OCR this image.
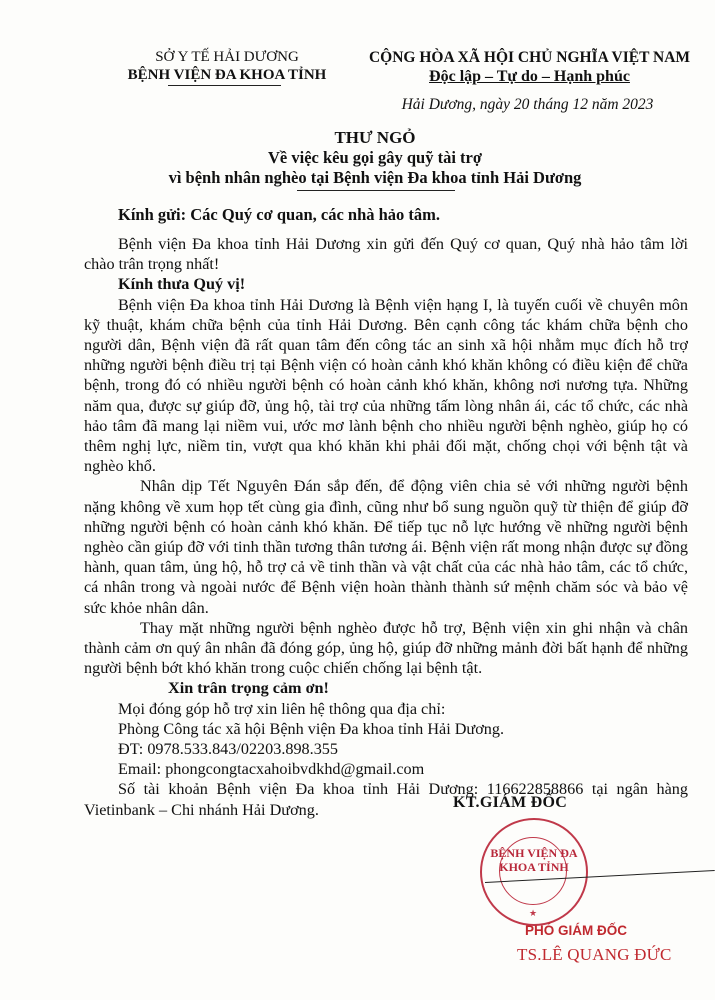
SỞ Y TẾ HẢI DƯƠNG
BỆNH VIỆN ĐA KHOA TỈNH
CỘNG HÒA XÃ HỘI CHỦ NGHĨA VIỆT NAM
Độc lập – Tự do – Hạnh phúc
Hải Dương, ngày 20 tháng 12 năm 2023
THƯ NGỎ
Về việc kêu gọi gây quỹ tài trợ
vì bệnh nhân nghèo tại Bệnh viện Đa khoa tỉnh Hải Dương
Kính gửi: Các Quý cơ quan, các nhà hảo tâm.

Bệnh viện Đa khoa tỉnh Hải Dương xin gửi đến Quý cơ quan, Quý nhà hảo tâm lời chào trân trọng nhất!

Kính thưa Quý vị!

Bệnh viện Đa khoa tỉnh Hải Dương là Bệnh viện hạng I, là tuyến cuối về chuyên môn kỹ thuật, khám chữa bệnh của tỉnh Hải Dương. Bên cạnh công tác khám chữa bệnh cho người dân, Bệnh viện đã rất quan tâm đến công tác an sinh xã hội nhằm mục đích hỗ trợ những người bệnh điều trị tại Bệnh viện có hoàn cảnh khó khăn không có điều kiện để chữa bệnh, trong đó có nhiều người bệnh có hoàn cảnh khó khăn, không nơi nương tựa. Những năm qua, được sự giúp đỡ, ủng hộ, tài trợ của những tấm lòng nhân ái, các tổ chức, các nhà hảo tâm đã mang lại niềm vui, ước mơ lành bệnh cho nhiều người bệnh nghèo, giúp họ có thêm nghị lực, niềm tin, vượt qua khó khăn khi phải đối mặt, chống chọi với bệnh tật và nghèo khổ.

Nhân dịp Tết Nguyên Đán sắp đến, để động viên chia sẻ với những người bệnh nặng không về xum họp tết cùng gia đình, cũng như bổ sung nguồn quỹ từ thiện để giúp đỡ những người bệnh có hoàn cảnh khó khăn. Để tiếp tục nỗ lực hướng về những người bệnh nghèo cần giúp đỡ với tinh thần tương thân tương ái. Bệnh viện rất mong nhận được sự đồng hành, quan tâm, ủng hộ, hỗ trợ cả về tinh thần và vật chất của các nhà hảo tâm, các tổ chức, cá nhân trong và ngoài nước để Bệnh viện hoàn thành thành sứ mệnh chăm sóc và bảo vệ sức khỏe nhân dân.

Thay mặt những người bệnh nghèo được hỗ trợ, Bệnh viện xin ghi nhận và chân thành cảm ơn quý ân nhân đã đóng góp, ủng hộ, giúp đỡ những mảnh đời bất hạnh để những người bệnh bớt khó khăn trong cuộc chiến chống lại bệnh tật.

Xin trân trọng cảm ơn!

Mọi đóng góp hỗ trợ xin liên hệ thông qua địa chỉ:

Phòng Công tác xã hội Bệnh viện Đa khoa tỉnh Hải Dương.

ĐT: 0978.533.843/02203.898.355

Email: phongcongtacxahoibvdkhd@gmail.com

Số tài khoản Bệnh viện Đa khoa tỉnh Hải Dương: 116622858866 tại ngân hàng Vietinbank – Chi nhánh Hải Dương.	KT.GIÁM ĐỐC
BỆNH VIỆN ĐA KHOA TỈNH
★
PHÓ GIÁM ĐỐC
TS.LÊ QUANG ĐỨC
